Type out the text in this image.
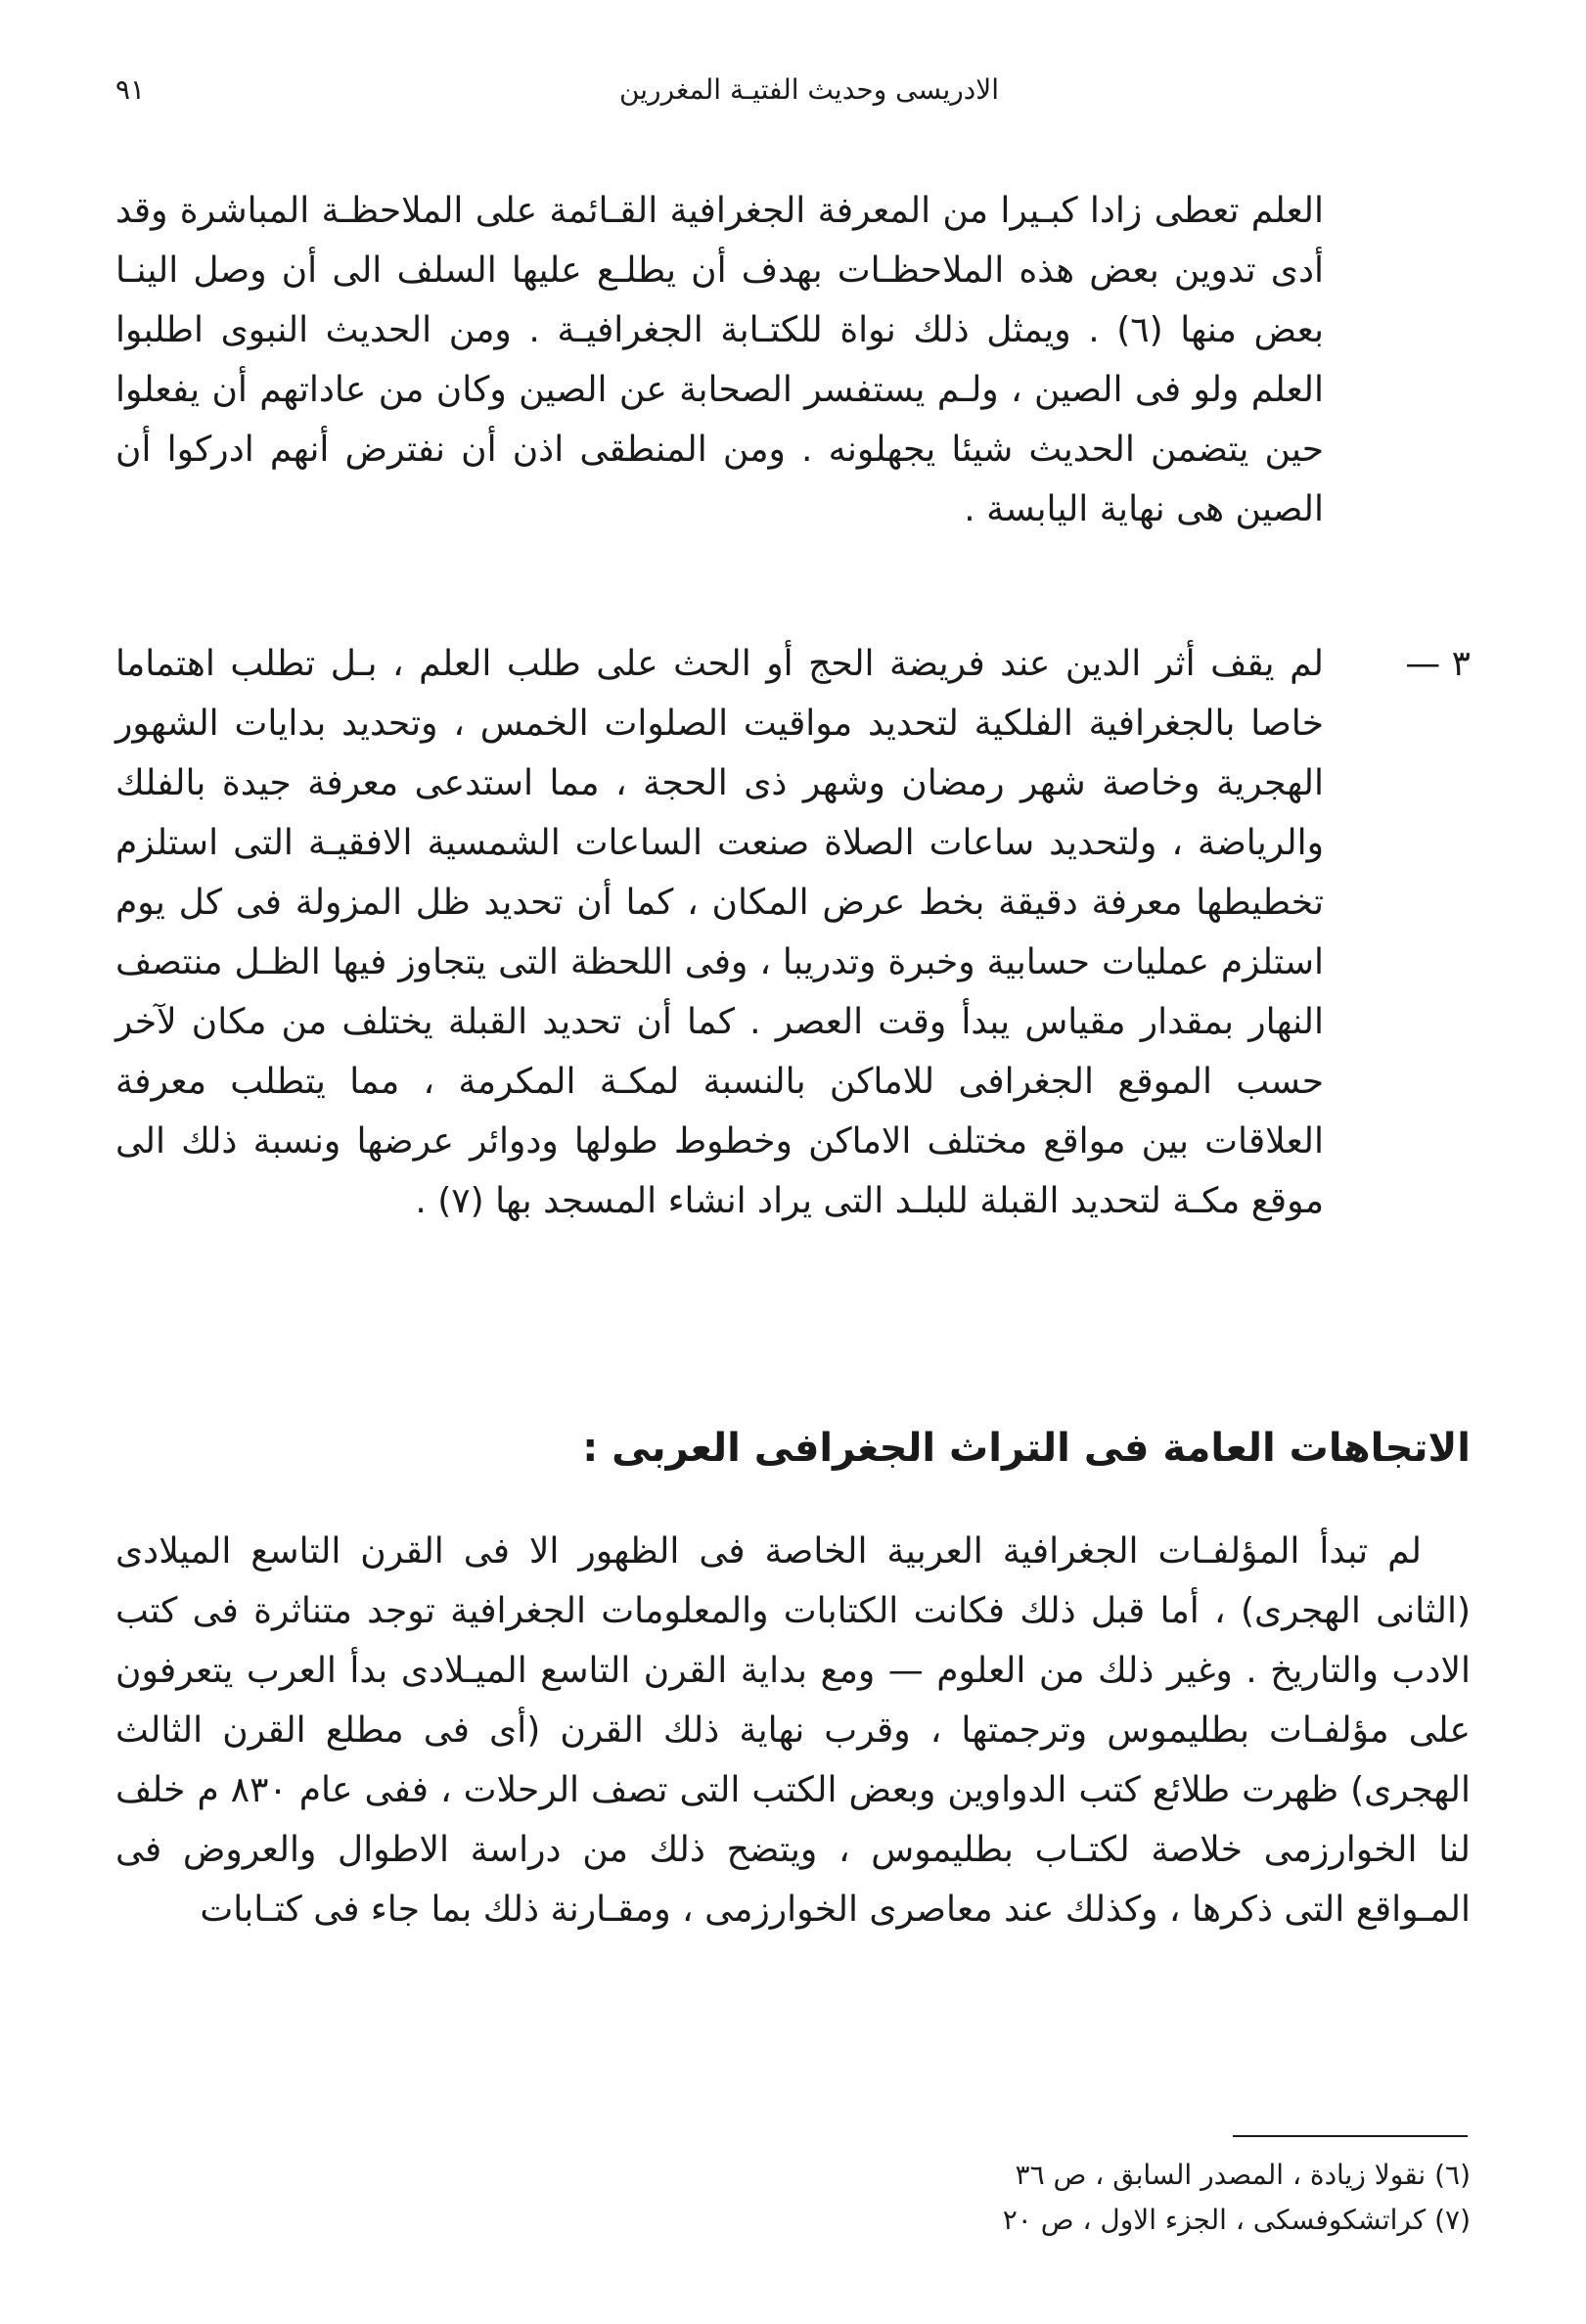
٩١	الادريسى وحديث الفتيـة المغررين

العلم تعطى زادا كبـيرا من المعرفة الجغرافية القـائمة على الملاحظـة المباشرة وقد أدى تدوين بعض هذه الملاحظـات بهدف أن يطلـع عليها السلف الى أن وصل الينـا بعض منها (٦) . ويمثل ذلك نواة للكتـابة الجغرافيـة . ومن الحديث النبوى اطلبوا العلم ولو فى الصين ، ولـم يستفسر الصحابة عن الصين وكان من عاداتهم أن يفعلوا حين يتضمن الحديث شيئا يجهلونه . ومن المنطقى اذن أن نفترض أنهم ادركوا أن الصين هى نهاية اليابسة .

٣ —

لم يقف أثر الدين عند فريضة الحج أو الحث على طلب العلم ، بـل تطلب اهتماما خاصا بالجغرافية الفلكية لتحديد مواقيت الصلوات الخمس ، وتحديد بدايات الشهور الهجرية وخاصة شهر رمضان وشهر ذى الحجة ، مما استدعى معرفة جيدة بالفلك والرياضة ، ولتحديد ساعات الصلاة صنعت الساعات الشمسية الافقيـة التى استلزم تخطيطها معرفة دقيقة بخط عرض المكان ، كما أن تحديد ظل المزولة فى كل يوم استلزم عمليات حسابية وخبرة وتدريبا ، وفى اللحظة التى يتجاوز فيها الظـل منتصف النهار بمقدار مقياس يبدأ وقت العصر . كما أن تحديد القبلة يختلف من مكان لآخر حسب الموقع الجغرافى للاماكن بالنسبة لمكـة المكرمة ، مما يتطلب معرفة العلاقات بين مواقع مختلف الاماكن وخطوط طولها ودوائر عرضها ونسبة ذلك الى موقع مكـة لتحديد القبلة للبلـد التى يراد انشاء المسجد بها (٧) .

الاتجاهات العامة فى التراث الجغرافى العربى :

لم تبدأ المؤلفـات الجغرافية العربية الخاصة فى الظهور الا فى القرن التاسع الميلادى (الثانى الهجرى) ، أما قبل ذلك فكانت الكتابات والمعلومات الجغرافية توجد متناثرة فى كتب الادب والتاريخ . وغير ذلك من العلوم — ومع بداية القرن التاسع الميـلادى بدأ العرب يتعرفون على مؤلفـات بطليموس وترجمتها ، وقرب نهاية ذلك القرن (أى فى مطلع القرن الثالث الهجرى) ظهرت طلائع كتب الدواوين وبعض الكتب التى تصف الرحلات ، ففى عام ٨٣٠ م خلف لنا الخوارزمى خلاصة لكتـاب بطليموس ، ويتضح ذلك من دراسة الاطوال والعروض فى المـواقع التى ذكرها ، وكذلك عند معاصرى الخوارزمى ، ومقـارنة ذلك بما جاء فى كتـابات

(٦) نقولا زيادة ، المصدر السابق ، ص ٣٦
(٧) كراتشكوفسكى ، الجزء الاول ، ص ٢٠
